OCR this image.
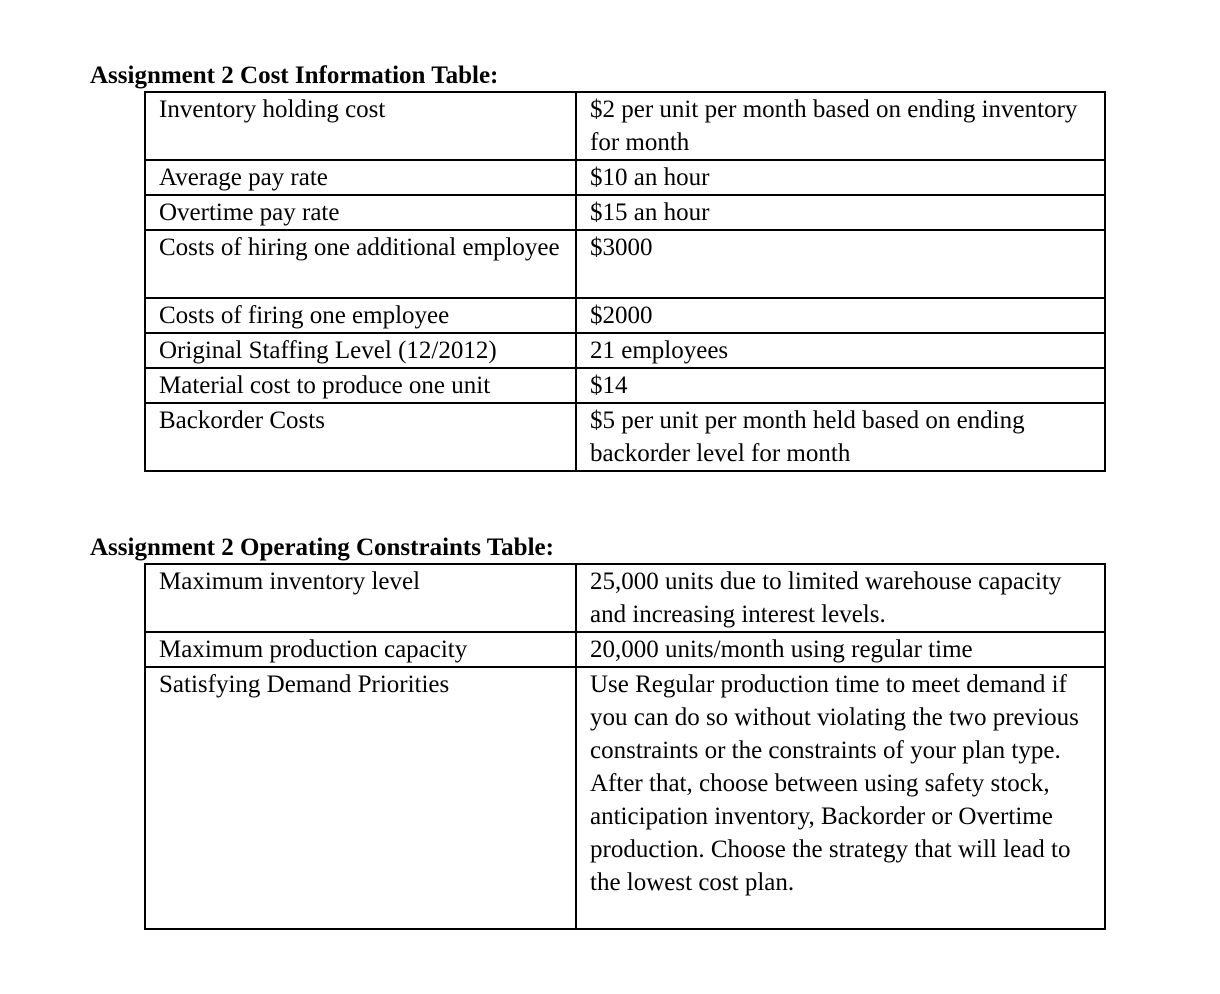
Assignment 2 Cost Information Table:
Inventory holding cost	$2 per unit per month based on ending inventory for month

Average pay rate	$10 an hour

Overtime pay rate	$15 an hour

Costs of hiring one additional employee	$3000

Costs of firing one employee	$2000

Original Staffing Level (12/2012)	21 employees

Material cost to produce one unit	$14

Backorder Costs	$5 per unit per month held based on ending backorder level for month
Assignment 2 Operating Constraints Table:
Maximum inventory level	25,000 units due to limited warehouse capacity and increasing interest levels.

Maximum production capacity	20,000 units/month using regular time

Satisfying Demand Priorities	Use Regular production time to meet demand if you can do so without violating the two previous constraints or the constraints of your plan type. After that, choose between using safety stock, anticipation inventory, Backorder or Overtime production. Choose the strategy that will lead to the lowest cost plan.
